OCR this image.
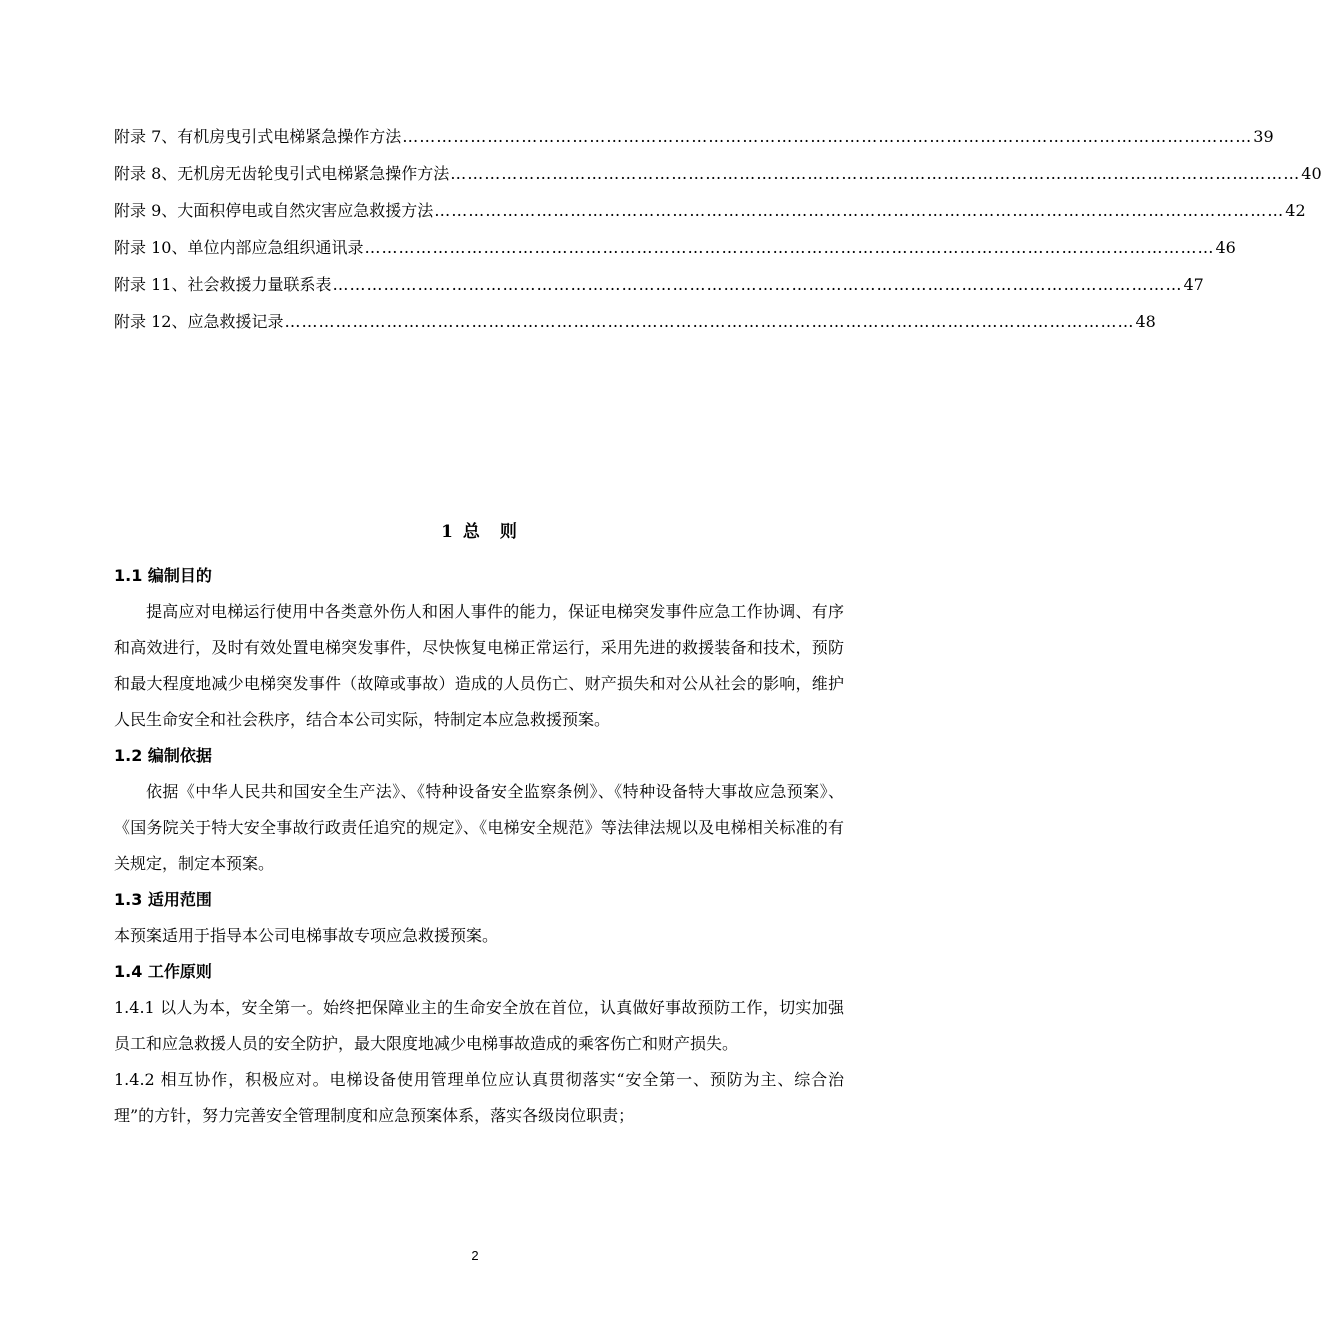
附录 7、有机房曳引式电梯紧急操作方法 …………………………………………………………………………………………………………………………………… 39
附录 8、无机房无齿轮曳引式电梯紧急操作方法 …………………………………………………………………………………………………………………………………… 40
附录 9、大面积停电或自然灾害应急救援方法 …………………………………………………………………………………………………………………………………… 42
附录 10、单位内部应急组织通讯录 …………………………………………………………………………………………………………………………………… 46
附录 11、社会救援力量联系表 …………………………………………………………………………………………………………………………………… 47
附录 12、应急救援记录 …………………………………………………………………………………………………………………………………… 48
1 总 则
1.1 编制目的

提高应对电梯运行使用中各类意外伤人和困人事件的能力，保证电梯突发事件应急工作协调、有序和高效进行，及时有效处置电梯突发事件，尽快恢复电梯正常运行，采用先进的救援装备和技术，预防和最大程度地减少电梯突发事件（故障或事故）造成的人员伤亡、财产损失和对公从社会的影响，维护人民生命安全和社会秩序，结合本公司实际，特制定本应急救援预案。

1.2 编制依据

依据《中华人民共和国安全生产法》、《特种设备安全监察条例》、《特种设备特大事故应急预案》、《国务院关于特大安全事故行政责任追究的规定》、《电梯安全规范》等法律法规以及电梯相关标准的有关规定，制定本预案。

1.3 适用范围

本预案适用于指导本公司电梯事故专项应急救援预案。

1.4 工作原则

1.4.1 以人为本，安全第一。始终把保障业主的生命安全放在首位，认真做好事故预防工作，切实加强员工和应急救援人员的安全防护，最大限度地减少电梯事故造成的乘客伤亡和财产损失。

1.4.2 相互协作，积极应对。电梯设备使用管理单位应认真贯彻落实“安全第一、预防为主、综合治理”的方针，努力完善安全管理制度和应急预案体系，落实各级岗位职责；

2
